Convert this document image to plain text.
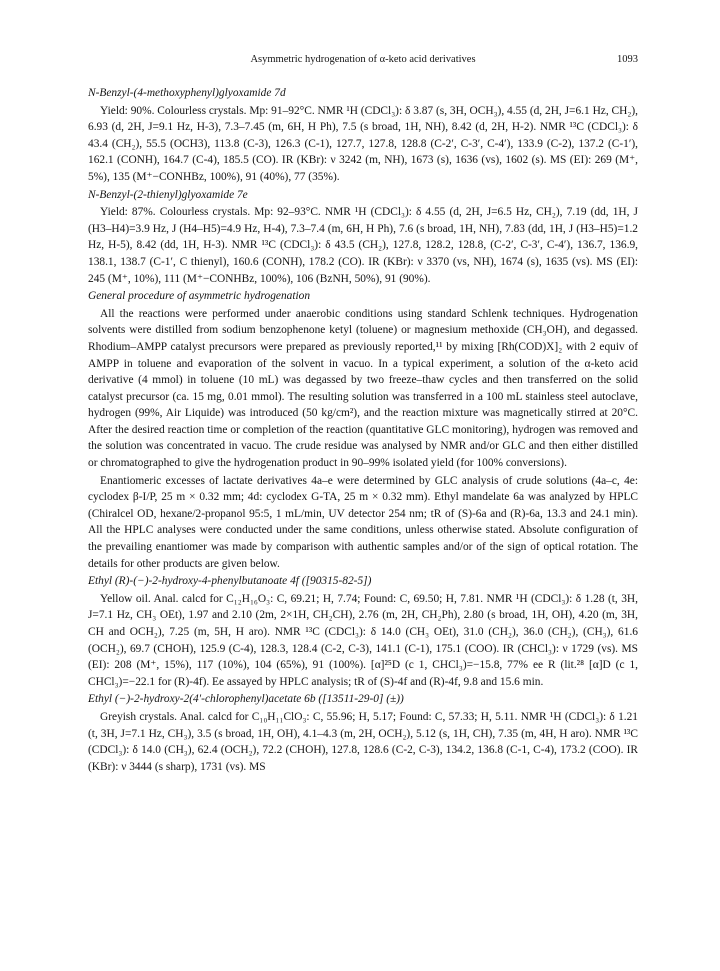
Asymmetric hydrogenation of α-keto acid derivatives	1093
N-Benzyl-(4-methoxyphenyl)glyoxamide 7d
Yield: 90%. Colourless crystals. Mp: 91–92°C. NMR ¹H (CDCl₃): δ 3.87 (s, 3H, OCH₃), 4.55 (d, 2H, J=6.1 Hz, CH₂), 6.93 (d, 2H, J=9.1 Hz, H-3), 7.3–7.45 (m, 6H, H Ph), 7.5 (s broad, 1H, NH), 8.42 (d, 2H, H-2). NMR ¹³C (CDCl₃): δ 43.4 (CH₂), 55.5 (OCH3), 113.8 (C-3), 126.3 (C-1), 127.7, 127.8, 128.8 (C-2′, C-3′, C-4′), 133.9 (C-2), 137.2 (C-1′), 162.1 (CONH), 164.7 (C-4), 185.5 (CO). IR (KBr): ν 3242 (m, NH), 1673 (s), 1636 (vs), 1602 (s). MS (EI): 269 (M⁺, 5%), 135 (M⁺−CONHBz, 100%), 91 (40%), 77 (35%).
N-Benzyl-(2-thienyl)glyoxamide 7e
Yield: 87%. Colourless crystals. Mp: 92–93°C. NMR ¹H (CDCl₃): δ 4.55 (d, 2H, J=6.5 Hz, CH₂), 7.19 (dd, 1H, J (H3–H4)=3.9 Hz, J (H4–H5)=4.9 Hz, H-4), 7.3–7.4 (m, 6H, H Ph), 7.6 (s broad, 1H, NH), 7.83 (dd, 1H, J (H3–H5)=1.2 Hz, H-5), 8.42 (dd, 1H, H-3). NMR ¹³C (CDCl₃): δ 43.5 (CH₂), 127.8, 128.2, 128.8, (C-2′, C-3′, C-4′), 136.7, 136.9, 138.1, 138.7 (C-1′, C thienyl), 160.6 (CONH), 178.2 (CO). IR (KBr): ν 3370 (vs, NH), 1674 (s), 1635 (vs). MS (EI): 245 (M⁺, 10%), 111 (M⁺−CONHBz, 100%), 106 (BzNH, 50%), 91 (90%).
General procedure of asymmetric hydrogenation
All the reactions were performed under anaerobic conditions using standard Schlenk techniques. Hydrogenation solvents were distilled from sodium benzophenone ketyl (toluene) or magnesium methoxide (CH₃OH), and degassed. Rhodium–AMPP catalyst precursors were prepared as previously reported,¹¹ by mixing [Rh(COD)X]₂ with 2 equiv of AMPP in toluene and evaporation of the solvent in vacuo. In a typical experiment, a solution of the α-keto acid derivative (4 mmol) in toluene (10 mL) was degassed by two freeze–thaw cycles and then transferred on the solid catalyst precursor (ca. 15 mg, 0.01 mmol). The resulting solution was transferred in a 100 mL stainless steel autoclave, hydrogen (99%, Air Liquide) was introduced (50 kg/cm²), and the reaction mixture was magnetically stirred at 20°C. After the desired reaction time or completion of the reaction (quantitative GLC monitoring), hydrogen was removed and the solution was concentrated in vacuo. The crude residue was analysed by NMR and/or GLC and then either distilled or chromatographed to give the hydrogenation product in 90–99% isolated yield (for 100% conversions).
Enantiomeric excesses of lactate derivatives 4a–e were determined by GLC analysis of crude solutions (4a–c, 4e: cyclodex β-I/P, 25 m × 0.32 mm; 4d: cyclodex G-TA, 25 m × 0.32 mm). Ethyl mandelate 6a was analyzed by HPLC (Chiralcel OD, hexane/2-propanol 95:5, 1 mL/min, UV detector 254 nm; tR of (S)-6a and (R)-6a, 13.3 and 24.1 min). All the HPLC analyses were conducted under the same conditions, unless otherwise stated. Absolute configuration of the prevailing enantiomer was made by comparison with authentic samples and/or of the sign of optical rotation. The details for other products are given below.
Ethyl (R)-(−)-2-hydroxy-4-phenylbutanoate 4f ([90315-82-5])
Yellow oil. Anal. calcd for C₁₂H₁₆O₃: C, 69.21; H, 7.74; Found: C, 69.50; H, 7.81. NMR ¹H (CDCl₃): δ 1.28 (t, 3H, J=7.1 Hz, CH₃ OEt), 1.97 and 2.10 (2m, 2×1H, CH₂CH), 2.76 (m, 2H, CH₂Ph), 2.80 (s broad, 1H, OH), 4.20 (m, 3H, CH and OCH₂), 7.25 (m, 5H, H aro). NMR ¹³C (CDCl₃): δ 14.0 (CH₃ OEt), 31.0 (CH₂), 36.0 (CH₂), (CH₃), 61.6 (OCH₂), 69.7 (CHOH), 125.9 (C-4), 128.3, 128.4 (C-2, C-3), 141.1 (C-1), 175.1 (COO). IR (CHCl₃): ν 1729 (vs). MS (EI): 208 (M⁺, 15%), 117 (10%), 104 (65%), 91 (100%). [α]²⁵D (c 1, CHCl₃)=−15.8, 77% ee R (lit.²⁸ [α]D (c 1, CHCl₃)=−22.1 for (R)-4f). Ee assayed by HPLC analysis; tR of (S)-4f and (R)-4f, 9.8 and 15.6 min.
Ethyl (−)-2-hydroxy-2(4′-chlorophenyl)acetate 6b ([13511-29-0] (±))
Greyish crystals. Anal. calcd for C₁₀H₁₁ClO₃: C, 55.96; H, 5.17; Found: C, 57.33; H, 5.11. NMR ¹H (CDCl₃): δ 1.21 (t, 3H, J=7.1 Hz, CH₃), 3.5 (s broad, 1H, OH), 4.1–4.3 (m, 2H, OCH₂), 5.12 (s, 1H, CH), 7.35 (m, 4H, H aro). NMR ¹³C (CDCl₃): δ 14.0 (CH₃), 62.4 (OCH₂), 72.2 (CHOH), 127.8, 128.6 (C-2, C-3), 134.2, 136.8 (C-1, C-4), 173.2 (COO). IR (KBr): ν 3444 (s sharp), 1731 (vs). MS
